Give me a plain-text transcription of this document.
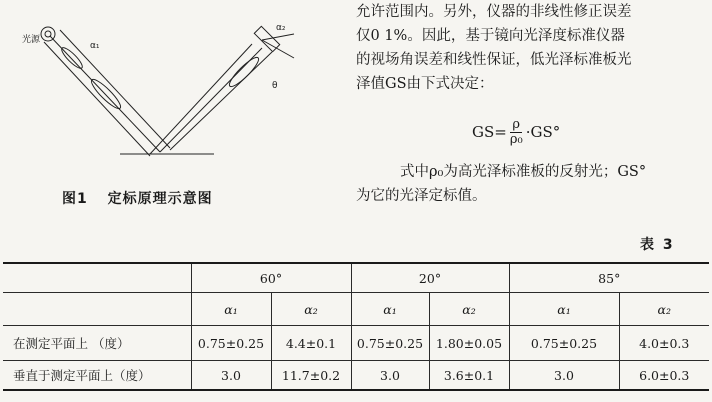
光源
α₁
α₂
θ
图1 定标原理示意图
允许范围内。另外，仪器的非线性修正误差
仅0 1%。因此，基于镜向光泽度标准仪器
的视场角误差和线性保证，低光泽标准板光
泽值GS由下式决定：
$GS= \frac{\rho}{\text{ρ₀}} \cdot GS^\circ$
式中ρ₀为高光泽标准板的反射光；GS°
为它的光泽定标值。
表 3
	60°		20°		85°	
	α₁	α₂	α₁	α₂	α₁	α₂
在测定平面上 （度）	0.75±0.25	4.4±0.1	0.75±0.25	1.80±0.05	0.75±0.25	4.0±0.3
垂直于测定平面上（度）	3.0	11.7±0.2	3.0	3.6±0.1	3.0	6.0±0.3
